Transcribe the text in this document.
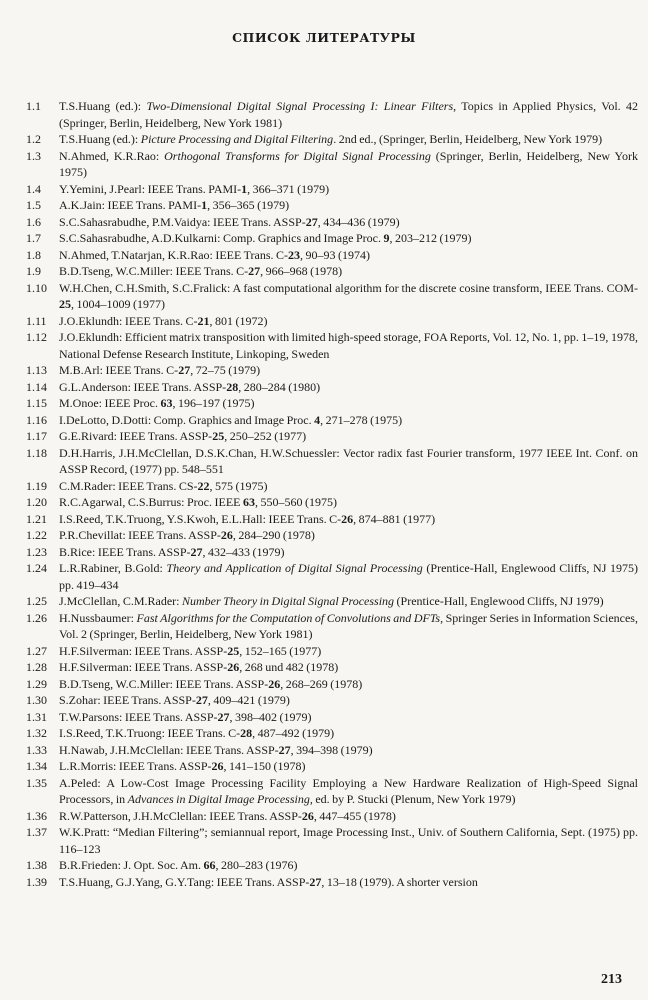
СПИСОК ЛИТЕРАТУРЫ
1.1	T.S.Huang (ed.): Two-Dimensional Digital Signal Processing I: Linear Filters, Topics in Applied Physics, Vol. 42 (Springer, Berlin, Heidelberg, New York 1981)
1.2	T.S.Huang (ed.): Picture Processing and Digital Filtering. 2nd ed., (Springer, Berlin, Heidelberg, New York 1979)
1.3	N.Ahmed, K.R.Rao: Orthogonal Transforms for Digital Signal Processing (Springer, Berlin, Heidelberg, New York 1975)
1.4	Y.Yemini, J.Pearl: IEEE Trans. PAMI-1, 366–371 (1979)
1.5	A.K.Jain: IEEE Trans. PAMI-1, 356–365 (1979)
1.6	S.C.Sahasrabudhe, P.M.Vaidya: IEEE Trans. ASSP-27, 434–436 (1979)
1.7	S.C.Sahasrabudhe, A.D.Kulkarni: Comp. Graphics and Image Proc. 9, 203–212 (1979)
1.8	N.Ahmed, T.Natarjan, K.R.Rao: IEEE Trans. C-23, 90–93 (1974)
1.9	B.D.Tseng, W.C.Miller: IEEE Trans. C-27, 966–968 (1978)
1.10	W.H.Chen, C.H.Smith, S.C.Fralick: A fast computational algorithm for the discrete cosine transform, IEEE Trans. COM-25, 1004–1009 (1977)
1.11	J.O.Eklundh: IEEE Trans. C-21, 801 (1972)
1.12	J.O.Eklundh: Efficient matrix transposition with limited high-speed storage, FOA Reports, Vol. 12, No. 1, pp. 1–19, 1978, National Defense Research Institute, Linkoping, Sweden
1.13	M.B.Arl: IEEE Trans. C-27, 72–75 (1979)
1.14	G.L.Anderson: IEEE Trans. ASSP-28, 280–284 (1980)
1.15	M.Onoe: IEEE Proc. 63, 196–197 (1975)
1.16	I.DeLotto, D.Dotti: Comp. Graphics and Image Proc. 4, 271–278 (1975)
1.17	G.E.Rivard: IEEE Trans. ASSP-25, 250–252 (1977)
1.18	D.H.Harris, J.H.McClellan, D.S.K.Chan, H.W.Schuessler: Vector radix fast Fourier transform, 1977 IEEE Int. Conf. on ASSP Record, (1977) pp. 548–551
1.19	C.M.Rader: IEEE Trans. CS-22, 575 (1975)
1.20	R.C.Agarwal, C.S.Burrus: Proc. IEEE 63, 550–560 (1975)
1.21	I.S.Reed, T.K.Truong, Y.S.Kwoh, E.L.Hall: IEEE Trans. C-26, 874–881 (1977)
1.22	P.R.Chevillat: IEEE Trans. ASSP-26, 284–290 (1978)
1.23	B.Rice: IEEE Trans. ASSP-27, 432–433 (1979)
1.24	L.R.Rabiner, B.Gold: Theory and Application of Digital Signal Processing (Prentice-Hall, Englewood Cliffs, NJ 1975) pp. 419–434
1.25	J.McClellan, C.M.Rader: Number Theory in Digital Signal Processing (Prentice-Hall, Englewood Cliffs, NJ 1979)
1.26	H.Nussbaumer: Fast Algorithms for the Computation of Convolutions and DFTs, Springer Series in Information Sciences, Vol. 2 (Springer, Berlin, Heidelberg, New York 1981)
1.27	H.F.Silverman: IEEE Trans. ASSP-25, 152–165 (1977)
1.28	H.F.Silverman: IEEE Trans. ASSP-26, 268 und 482 (1978)
1.29	B.D.Tseng, W.C.Miller: IEEE Trans. ASSP-26, 268–269 (1978)
1.30	S.Zohar: IEEE Trans. ASSP-27, 409–421 (1979)
1.31	T.W.Parsons: IEEE Trans. ASSP-27, 398–402 (1979)
1.32	I.S.Reed, T.K.Truong: IEEE Trans. C-28, 487–492 (1979)
1.33	H.Nawab, J.H.McClellan: IEEE Trans. ASSP-27, 394–398 (1979)
1.34	L.R.Morris: IEEE Trans. ASSP-26, 141–150 (1978)
1.35	A.Peled: A Low-Cost Image Processing Facility Employing a New Hardware Realization of High-Speed Signal Processors, in Advances in Digital Image Processing, ed. by P. Stucki (Plenum, New York 1979)
1.36	R.W.Patterson, J.H.McClellan: IEEE Trans. ASSP-26, 447–455 (1978)
1.37	W.K.Pratt: “Median Filtering”; semiannual report, Image Processing Inst., Univ. of Southern California, Sept. (1975) pp. 116–123
1.38	B.R.Frieden: J. Opt. Soc. Am. 66, 280–283 (1976)
1.39	T.S.Huang, G.J.Yang, G.Y.Tang: IEEE Trans. ASSP-27, 13–18 (1979). A shorter version
213
